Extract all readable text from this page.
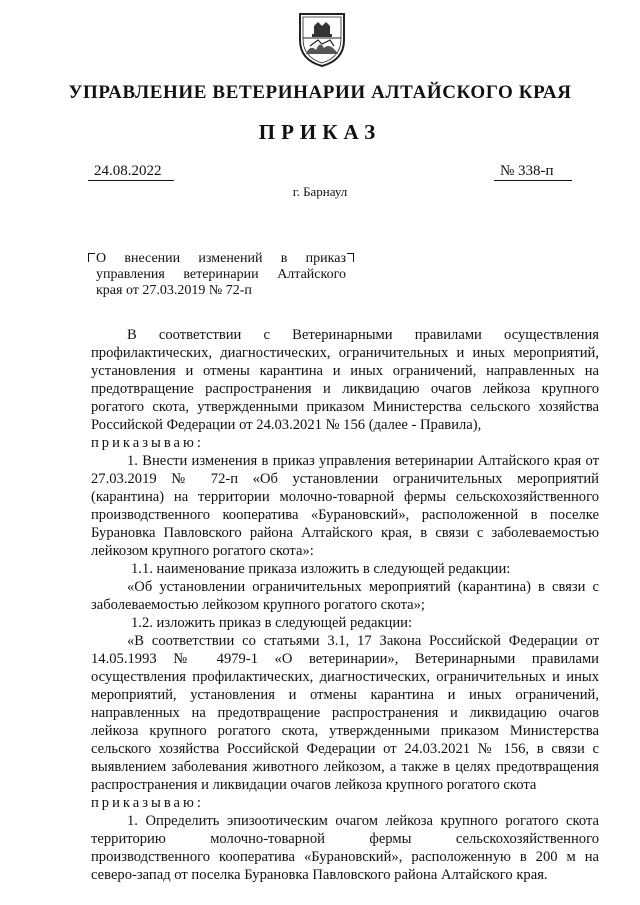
УПРАВЛЕНИЕ ВЕТЕРИНАРИИ АЛТАЙСКОГО КРАЯ
ПРИКАЗ
24.08.2022	№ 338-п
г. Барнаул
О внесении изменений в приказ
управления ветеринарии Алтайского
края от 27.03.2019 № 72-п

В соответствии с Ветеринарными правилами осуществления профилактических, диагностических, ограничительных и иных мероприятий, установления и отмены карантина и иных ограничений, направленных на предотвращение распространения и ликвидацию очагов лейкоза крупного рогатого скота, утвержденными приказом Министерства сельского хозяйства Российской Федерации от 24.03.2021 № 156 (далее - Правила),
приказываю:

1. Внести изменения в приказ управления ветеринарии Алтайского края от 27.03.2019 № 72-п «Об установлении ограничительных мероприятий (карантина) на территории молочно-товарной фермы сельскохозяйственного производственного кооператива «Бурановский», расположенной в поселке Бурановка Павловского района Алтайского края, в связи с заболеваемостью лейкозом крупного рогатого скота»:

1.1. наименование приказа изложить в следующей редакции:

«Об установлении ограничительных мероприятий (карантина) в связи с заболеваемостью лейкозом крупного рогатого скота»;

1.2. изложить приказ в следующей редакции:

«В соответствии со статьями 3.1, 17 Закона Российской Федерации от 14.05.1993 № 4979-1 «О ветеринарии», Ветеринарными правилами осуществления профилактических, диагностических, ограничительных и иных мероприятий, установления и отмены карантина и иных ограничений, направленных на предотвращение распространения и ликвидацию очагов лейкоза крупного рогатого скота, утвержденными приказом Министерства сельского хозяйства Российской Федерации от 24.03.2021 № 156, в связи с выявлением заболевания животного лейкозом, а также в целях предотвращения распространения и ликвидации очагов лейкоза крупного рогатого скота
приказываю:

1. Определить эпизоотическим очагом лейкоза крупного рогатого скота территорию молочно-товарной фермы сельскохозяйственного производственного кооператива «Бурановский», расположенную в 200 м на северо-запад от поселка Бурановка Павловского района Алтайского края.
